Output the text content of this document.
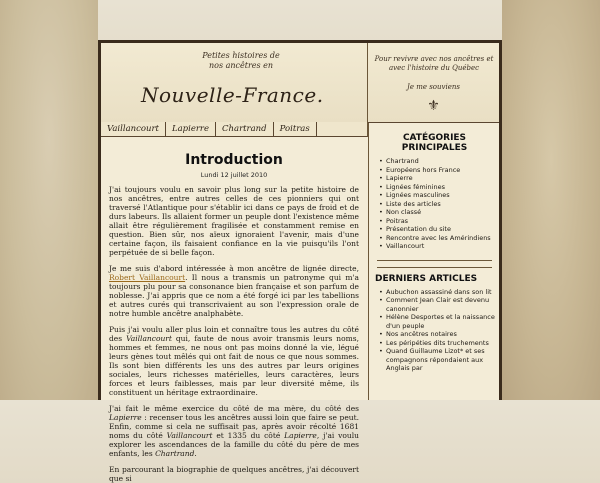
Petites histoires de nos ancêtres en
Nouvelle-France.
Pour revivre avec nos ancêtres et avec l'histoire du Québec
Je me souviens
⚜
Vaillancourt	Lapierre	Chartrand	Poitras
Introduction
Lundi 12 juillet 2010

J'ai toujours voulu en savoir plus long sur la petite histoire de nos ancêtres, entre autres celles de ces pionniers qui ont traversé l'Atlantique pour s'établir ici dans ce pays de froid et de durs labeurs. Ils allaient former un peuple dont l'existence même allait être régulièrement fragilisée et constamment remise en question. Bien sûr, nos aïeux ignoraient l'avenir, mais d'une certaine façon, ils faisaient confiance en la vie puisqu'ils l'ont perpétuée de si belle façon.

Je me suis d'abord intéressée à mon ancêtre de lignée directe, Robert Vaillancourt. Il nous a transmis un patronyme qui m'a toujours plu pour sa consonance bien française et son parfum de noblesse. J'ai appris que ce nom a été forgé ici par les tabellions et autres curés qui transcrivaient au son l'expression orale de notre humble ancêtre analphabète.

Puis j'ai voulu aller plus loin et connaître tous les autres du côté des Vaillancourt qui, faute de nous avoir transmis leurs noms, hommes et femmes, ne nous ont pas moins donné la vie, légué leurs gènes tout mêlés qui ont fait de nous ce que nous sommes. Ils sont bien différents les uns des autres par leurs origines sociales, leurs richesses matérielles, leurs caractères, leurs forces et leurs faiblesses, mais par leur diversité même, ils constituent un héritage extraordinaire.

J'ai fait le même exercice du côté de ma mère, du côté des Lapierre : recenser tous les ancêtres aussi loin que faire se peut. Enfin, comme si cela ne suffisait pas, après avoir récolté 1681 noms du côté Vaillancourt et 1335 du côté Lapierre, j'ai voulu explorer les ascendances de la famille du côté du père de mes enfants, les Chartrand.

En parcourant la biographie de quelques ancêtres, j'ai découvert que si

CATÉGORIES PRINCIPALES
• Chartrand
• Européens hors France
• Lapierre
• Lignées féminines
• Lignées masculines
• Liste des articles
• Non classé
• Poitras
• Présentation du site
• Rencontre avec les Amérindiens
• Vaillancourt
DERNIERS ARTICLES
• Aubuchon assassiné dans son lit
• Comment Jean Clair est devenu canonnier
• Hélène Desportes et la naissance d'un peuple
• Nos ancêtres notaires
• Les péripéties dits truchements
• Quand Guillaume Lizot* et ses compagnons répondaient aux Anglais par
